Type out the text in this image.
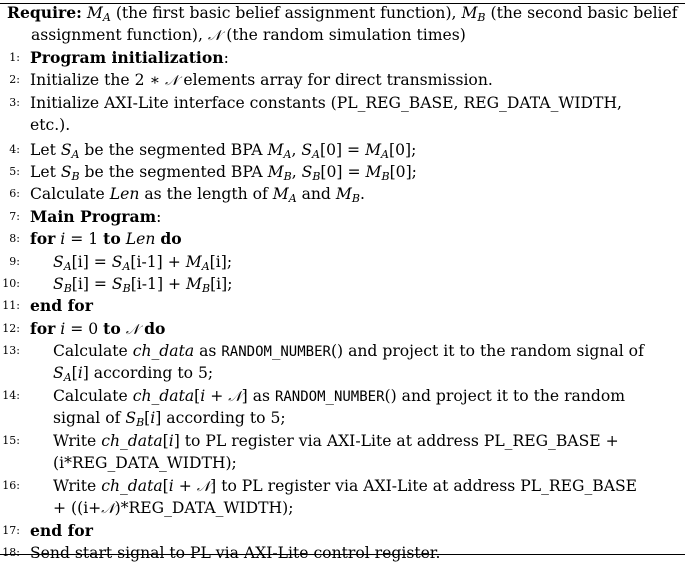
Require: $M_A$ (the first basic belief assignment function), $M_B$ (the second basic belief
assignment function), 𝒩 (the random simulation times)
1: Program initialization:
2: Initialize the 2 ∗ 𝒩 elements array for direct transmission.
3: Initialize AXI-Lite interface constants (PL_REG_BASE, REG_DATA_WIDTH,
etc.).
4: Let $S_A$ be the segmented BPA $M_A$, $S_A[0] = M_A[0]$;
5: Let $S_B$ be the segmented BPA $M_B$, $S_B[0] = M_B[0]$;
6: Calculate Len as the length of $M_A$ and $M_B$.
7: Main Program:
8: for i = 1 to Len do
9: $S_A[i] = S_A[i-1] + M_A[i]$;
10: $S_B[i] = S_B[i-1] + M_B[i]$;
11: end for
12: for i = 0 to 𝒩 do
13: Calculate ch_data as RANDOM_NUMBER() and project it to the random signal of
$S_A[i]$ according to 5;
14: Calculate ch_data[i + 𝒩] as RANDOM_NUMBER() and project it to the random
signal of $S_B[i]$ according to 5;
15: Write ch_data[i] to PL register via AXI-Lite at address PL_REG_BASE +
(i*REG_DATA_WIDTH);
16: Write ch_data[i + 𝒩] to PL register via AXI-Lite at address PL_REG_BASE
+ ((i+𝒩)*REG_DATA_WIDTH);
17: end for
18: Send start signal to PL via AXI-Lite control register.
